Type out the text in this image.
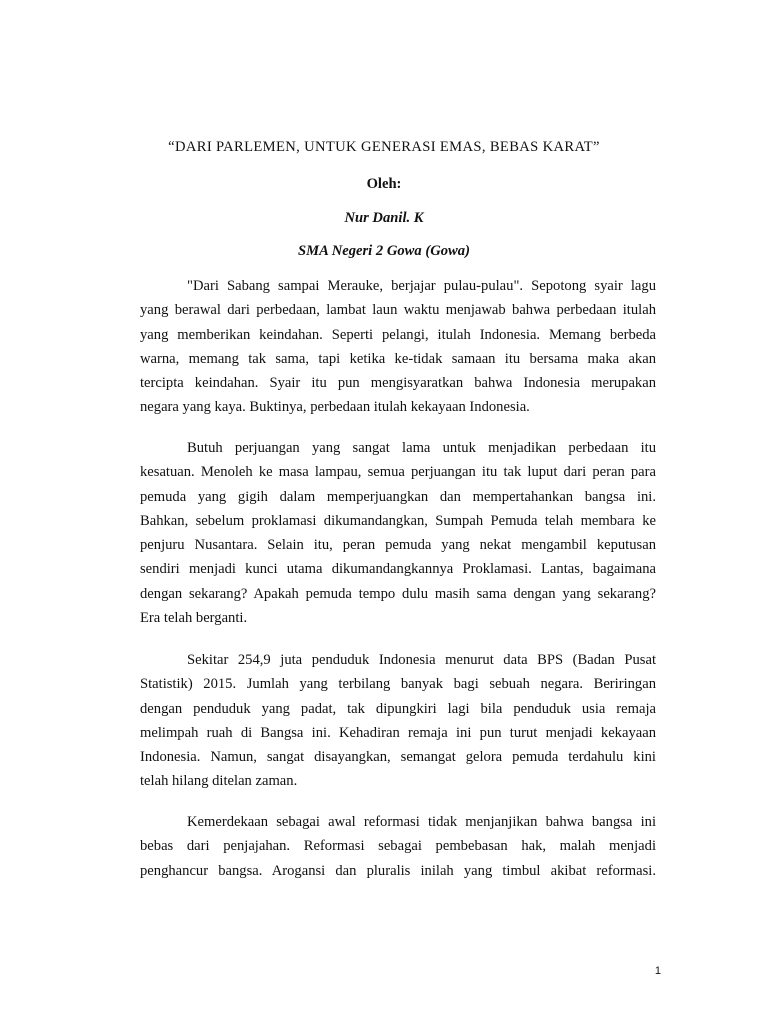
“DARI PARLEMEN, UNTUK GENERASI EMAS, BEBAS KARAT”
Oleh:
Nur Danil. K
SMA Negeri 2 Gowa (Gowa)

"Dari Sabang sampai Merauke, berjajar pulau-pulau". Sepotong syair lagu
yang berawal dari perbedaan, lambat laun waktu menjawab bahwa perbedaan itulah
yang memberikan keindahan. Seperti pelangi, itulah Indonesia. Memang berbeda
warna, memang tak sama, tapi ketika ke-tidak samaan itu bersama maka akan
tercipta keindahan. Syair itu pun mengisyaratkan bahwa Indonesia merupakan
negara yang kaya. Buktinya, perbedaan itulah kekayaan Indonesia.

Butuh perjuangan yang sangat lama untuk menjadikan perbedaan itu
kesatuan. Menoleh ke masa lampau, semua perjuangan itu tak luput dari peran para
pemuda yang gigih dalam memperjuangkan dan mempertahankan bangsa ini.
Bahkan, sebelum proklamasi dikumandangkan, Sumpah Pemuda telah membara ke
penjuru Nusantara. Selain itu, peran pemuda yang nekat mengambil keputusan
sendiri menjadi kunci utama dikumandangkannya Proklamasi. Lantas, bagaimana
dengan sekarang? Apakah pemuda tempo dulu masih sama dengan yang sekarang?
Era telah berganti.

Sekitar 254,9 juta penduduk Indonesia menurut data BPS (Badan Pusat
Statistik) 2015. Jumlah yang terbilang banyak bagi sebuah negara. Beriringan
dengan penduduk yang padat, tak dipungkiri lagi bila penduduk usia remaja
melimpah ruah di Bangsa ini. Kehadiran remaja ini pun turut menjadi kekayaan
Indonesia. Namun, sangat disayangkan, semangat gelora pemuda terdahulu kini
telah hilang ditelan zaman.

Kemerdekaan sebagai awal reformasi tidak menjanjikan bahwa bangsa ini
bebas dari penjajahan. Reformasi sebagai pembebasan hak, malah menjadi
penghancur bangsa. Arogansi dan pluralis inilah yang timbul akibat reformasi.

1
